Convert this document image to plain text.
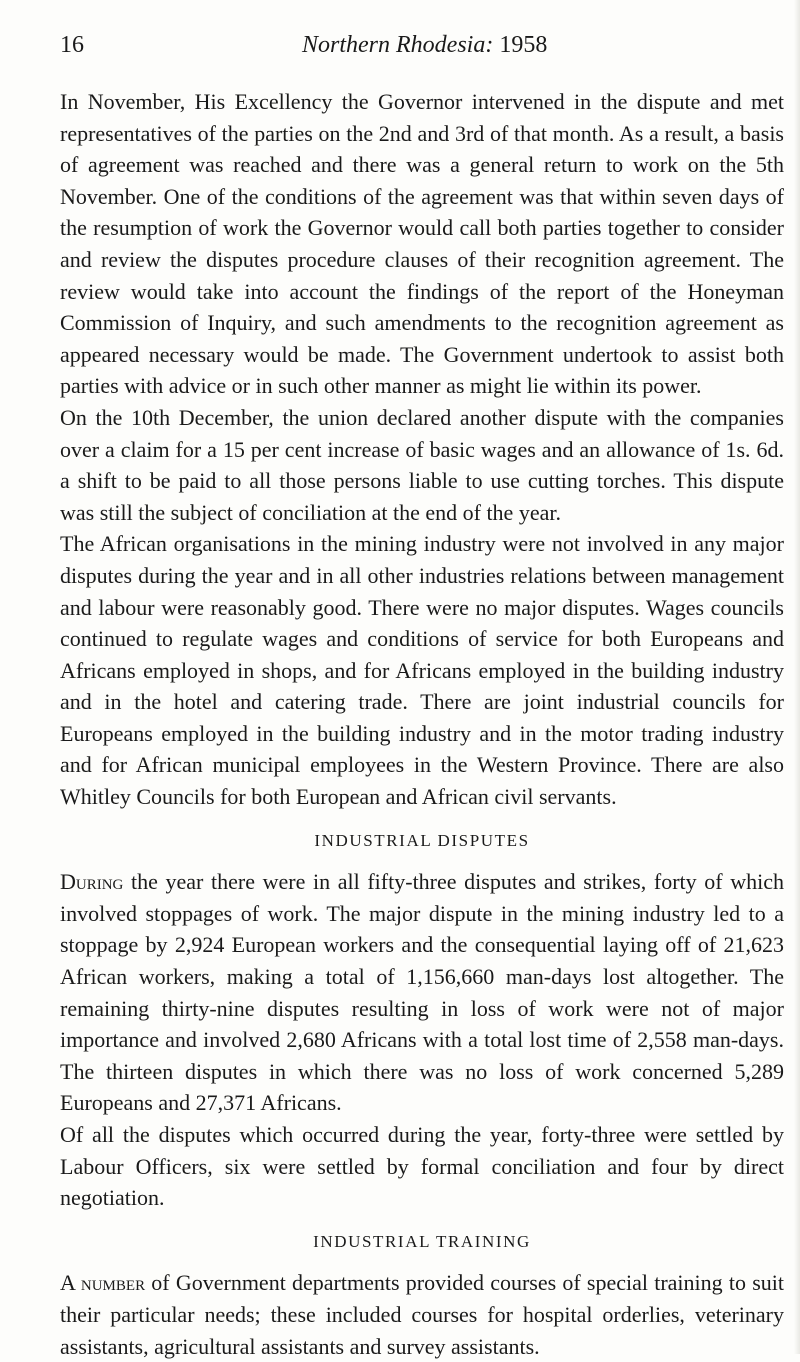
16	Northern Rhodesia: 1958

In November, His Excellency the Governor intervened in the dispute and met representatives of the parties on the 2nd and 3rd of that month. As a result, a basis of agreement was reached and there was a general return to work on the 5th November. One of the conditions of the agreement was that within seven days of the resumption of work the Governor would call both parties together to consider and review the disputes procedure clauses of their recognition agreement. The review would take into account the findings of the report of the Honeyman Commission of Inquiry, and such amendments to the recognition agreement as appeared necessary would be made. The Government undertook to assist both parties with advice or in such other manner as might lie within its power.

On the 10th December, the union declared another dispute with the companies over a claim for a 15 per cent increase of basic wages and an allowance of 1s. 6d. a shift to be paid to all those persons liable to use cutting torches. This dispute was still the subject of conciliation at the end of the year.

The African organisations in the mining industry were not involved in any major disputes during the year and in all other industries relations between management and labour were reasonably good. There were no major disputes. Wages councils continued to regulate wages and conditions of service for both Europeans and Africans employed in shops, and for Africans employed in the building industry and in the hotel and catering trade. There are joint industrial councils for Europeans employed in the building industry and in the motor trading industry and for African municipal employees in the Western Province. There are also Whitley Councils for both European and African civil servants.

INDUSTRIAL DISPUTES

During the year there were in all fifty-three disputes and strikes, forty of which involved stoppages of work. The major dispute in the mining industry led to a stoppage by 2,924 European workers and the consequential laying off of 21,623 African workers, making a total of 1,156,660 man-days lost altogether. The remaining thirty-nine disputes resulting in loss of work were not of major importance and involved 2,680 Africans with a total lost time of 2,558 man-days. The thirteen disputes in which there was no loss of work concerned 5,289 Europeans and 27,371 Africans.

Of all the disputes which occurred during the year, forty-three were settled by Labour Officers, six were settled by formal conciliation and four by direct negotiation.

INDUSTRIAL TRAINING

A number of Government departments provided courses of special training to suit their particular needs; these included courses for hospital orderlies, veterinary assistants, agricultural assistants and survey assistants.
